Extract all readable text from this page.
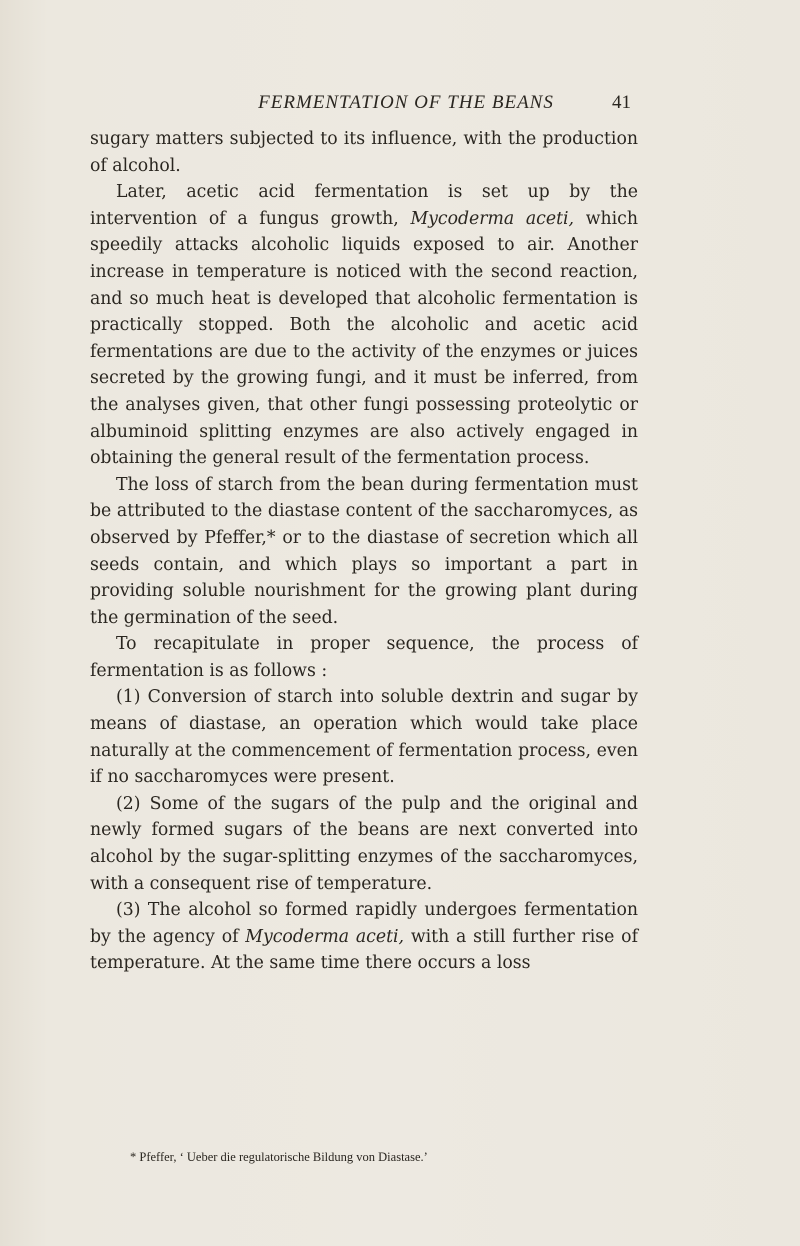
FERMENTATION OF THE BEANS	41

sugary matters subjected to its influence, with the production of alcohol.

Later, acetic acid fermentation is set up by the intervention of a fungus growth, Mycoderma aceti, which speedily attacks alcoholic liquids exposed to air. Another increase in temperature is noticed with the second reaction, and so much heat is developed that alcoholic fermentation is practically stopped. Both the alcoholic and acetic acid fermentations are due to the activity of the enzymes or juices secreted by the growing fungi, and it must be inferred, from the analyses given, that other fungi possessing proteolytic or albuminoid splitting enzymes are also actively engaged in obtaining the general result of the fermentation process.

The loss of starch from the bean during fermentation must be attributed to the diastase content of the saccharomyces, as observed by Pfeffer,* or to the diastase of secretion which all seeds contain, and which plays so important a part in providing soluble nourishment for the growing plant during the germination of the seed.

To recapitulate in proper sequence, the process of fermentation is as follows :

(1) Conversion of starch into soluble dextrin and sugar by means of diastase, an operation which would take place naturally at the commencement of fermentation process, even if no saccharomyces were present.

(2) Some of the sugars of the pulp and the original and newly formed sugars of the beans are next converted into alcohol by the sugar-splitting enzymes of the saccharomyces, with a consequent rise of temperature.

(3) The alcohol so formed rapidly undergoes fermentation by the agency of Mycoderma aceti, with a still further rise of temperature. At the same time there occurs a loss

* Pfeffer, ‘ Ueber die regulatorische Bildung von Diastase.’
